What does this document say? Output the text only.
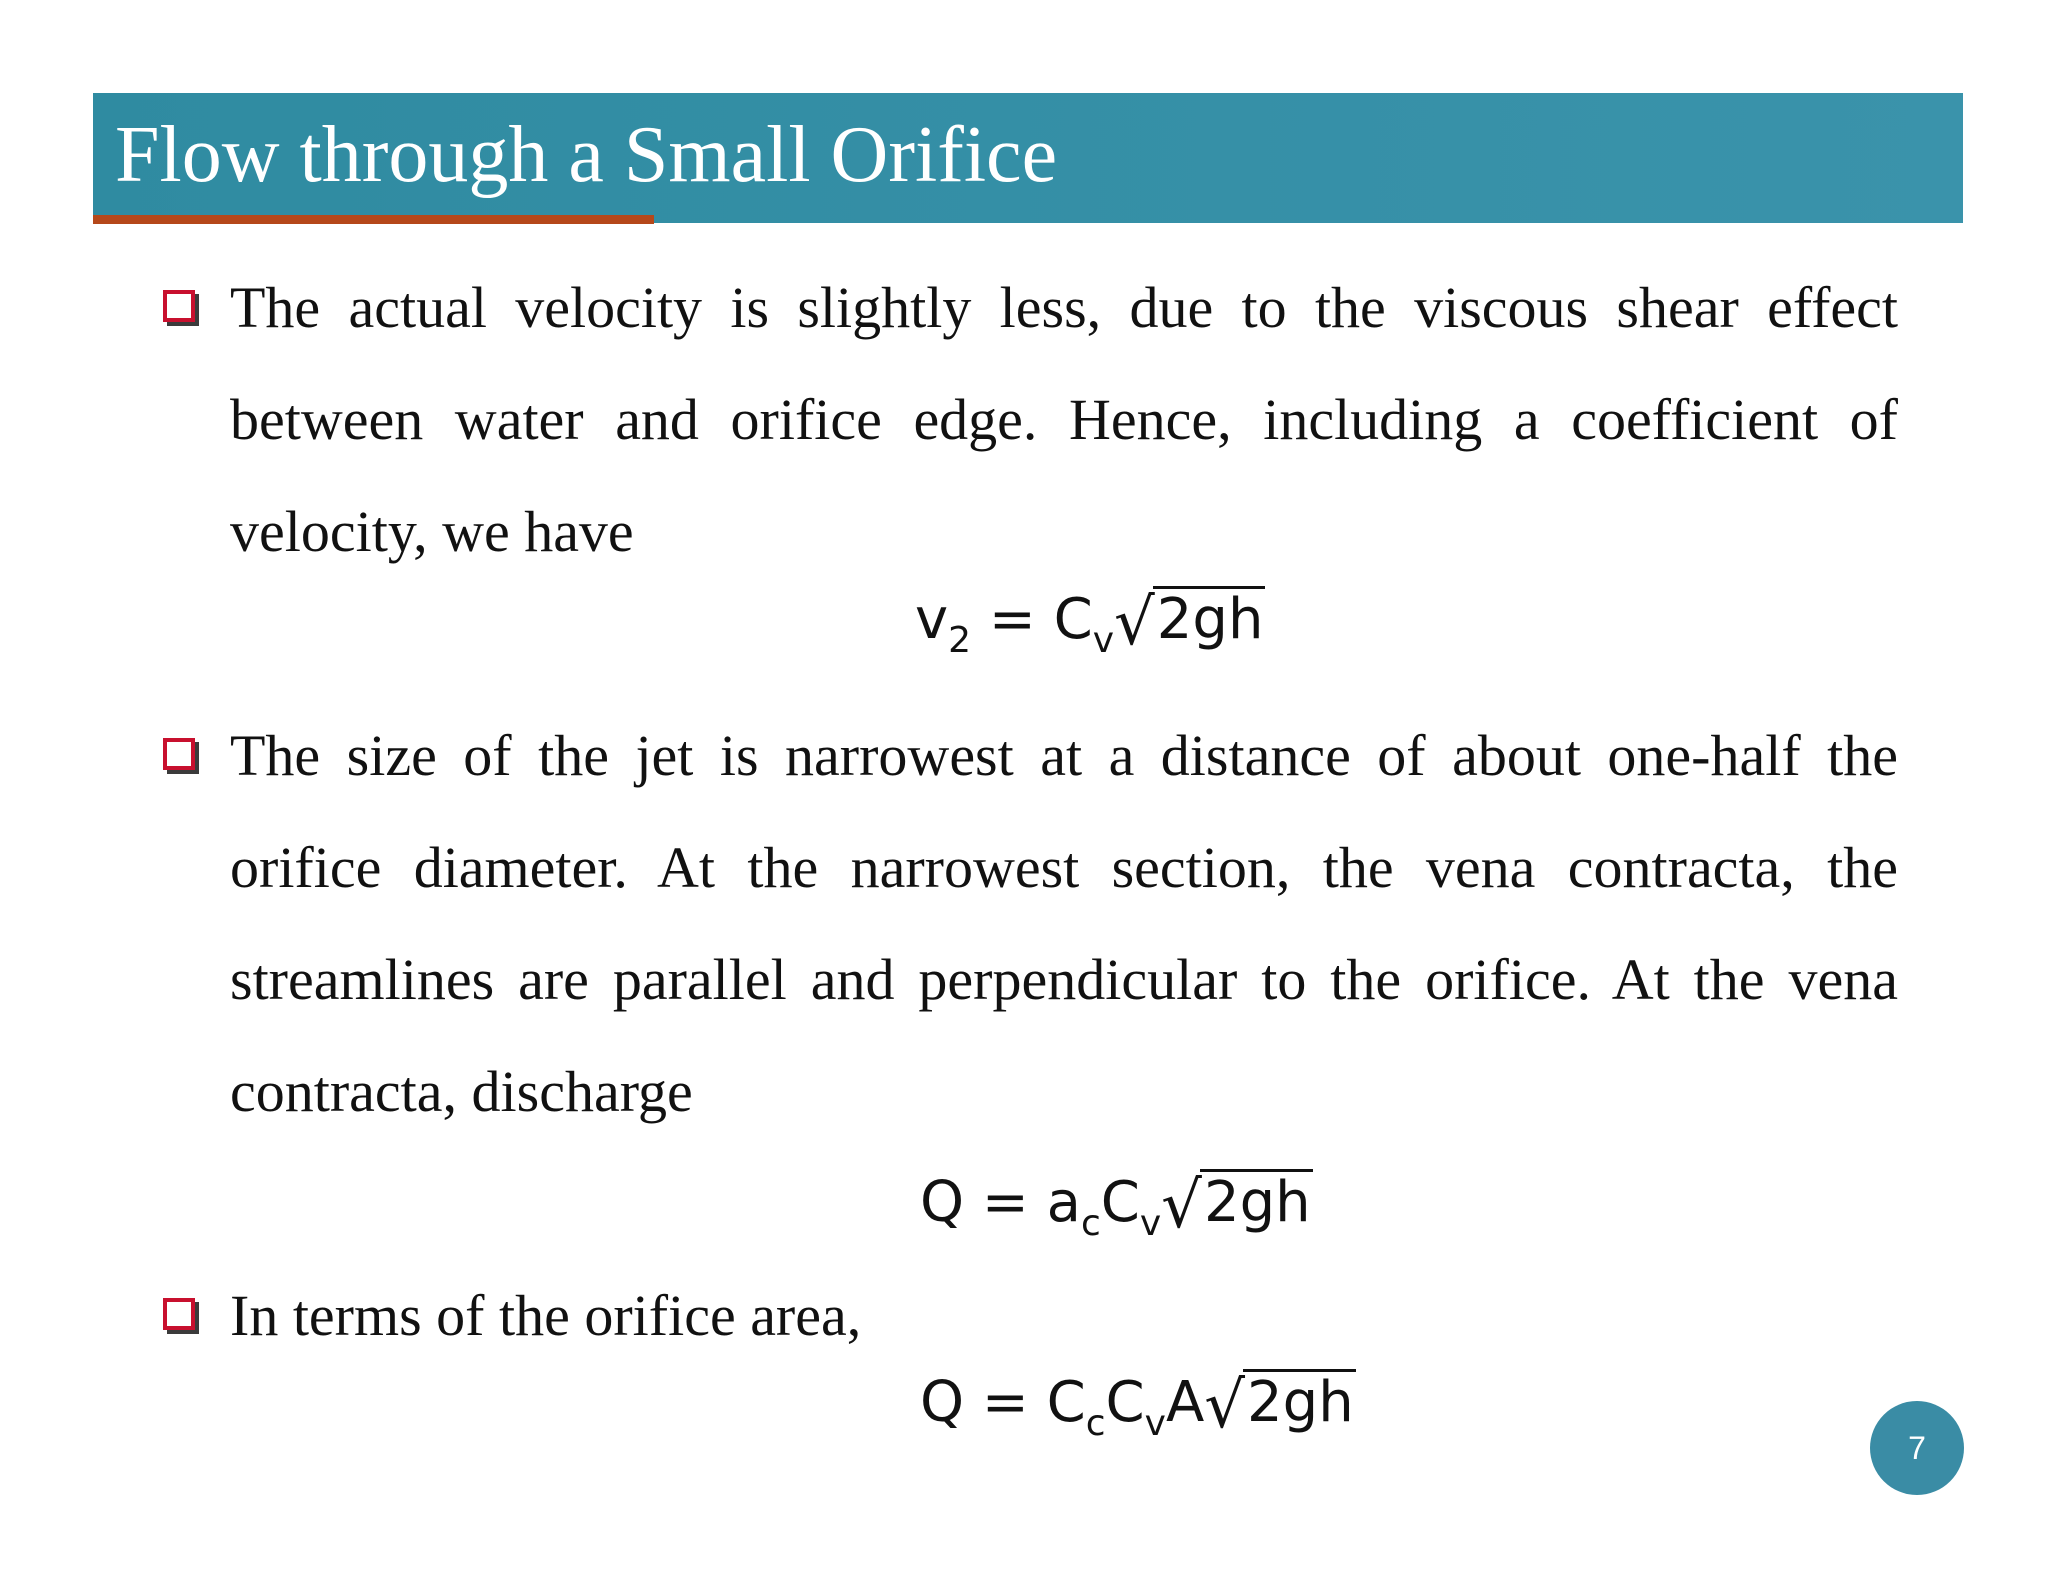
Flow through a Small Orifice

The actual velocity is slightly less, due to the viscous shear effect between water and orifice edge. Hence, including a coefficient of velocity, we have

$v_2 = C_v√2gh$

The size of the jet is narrowest at a distance of about one-half the orifice diameter. At the narrowest section, the vena contracta, the streamlines are parallel and perpendicular to the orifice. At the vena contracta, discharge

$Q = a_cC_v√2gh$

In terms of the orifice area,

$Q = C_cC_vA√2gh$
7
